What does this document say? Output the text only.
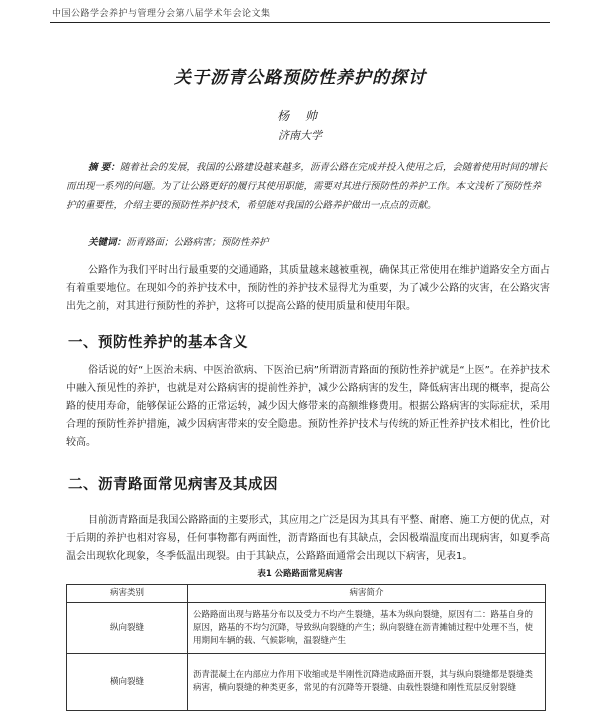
中国公路学会养护与管理分会第八届学术年会论文集
关于沥青公路预防性养护的探讨
杨 帅
济南大学
摘 要：随着社会的发展，我国的公路建设越来越多，沥青公路在完成并投入使用之后，会随着使用时间的增长而出现一系列的问题。为了让公路更好的履行其使用职能，需要对其进行预防性的养护工作。本文浅析了预防性养护的重要性，介绍主要的预防性养护技术，希望能对我国的公路养护做出一点点的贡献。
关键词：沥青路面；公路病害；预防性养护
公路作为我们平时出行最重要的交通通路，其质量越来越被重视，确保其正常使用在维护道路安全方面占有着重要地位。在现如今的养护技术中，预防性的养护技术显得尤为重要，为了减少公路的灾害，在公路灾害出先之前，对其进行预防性的养护，这将可以提高公路的使用质量和使用年限。
一、预防性养护的基本含义
俗话说的好“上医治未病、中医治欲病、下医治已病”所谓沥青路面的预防性养护就是“上医”。在养护技术中融入预见性的养护，也就是对公路病害的提前性养护，减少公路病害的发生，降低病害出现的概率，提高公路的使用寿命，能够保证公路的正常运转，减少因大修带来的高额维修费用。根据公路病害的实际症状，采用合理的预防性养护措施，减少因病害带来的安全隐患。预防性养护技术与传统的矫正性养护技术相比，性价比较高。
二、沥青路面常见病害及其成因
目前沥青路面是我国公路路面的主要形式，其应用之广泛是因为其具有平整、耐磨、施工方便的优点，对于后期的养护也相对容易，任何事物都有两面性，沥青路面也有其缺点，会因极端温度而出现病害，如夏季高温会出现软化现象，冬季低温出现裂。由于其缺点，公路路面通常会出现以下病害，见表1。
表1 公路路面常见病害
病害类别	病害简介
纵向裂缝	公路路面出现与路基分布以及受力不均产生裂缝，基本为纵向裂缝，原因有二：路基自身的原因，路基的不均匀沉降，导致纵向裂缝的产生；纵向裂缝在沥青摊铺过程中处理不当，使用期间车辆的载、气候影响，温裂缝产生
横向裂缝	沥青混凝土在内部应力作用下收缩或是半刚性沉降造成路面开裂，其与纵向裂缝都是裂缝类病害，横向裂缝的种类更多，常见的有沉降等开裂缝、由载性裂缝和刚性荒层反射裂缝
